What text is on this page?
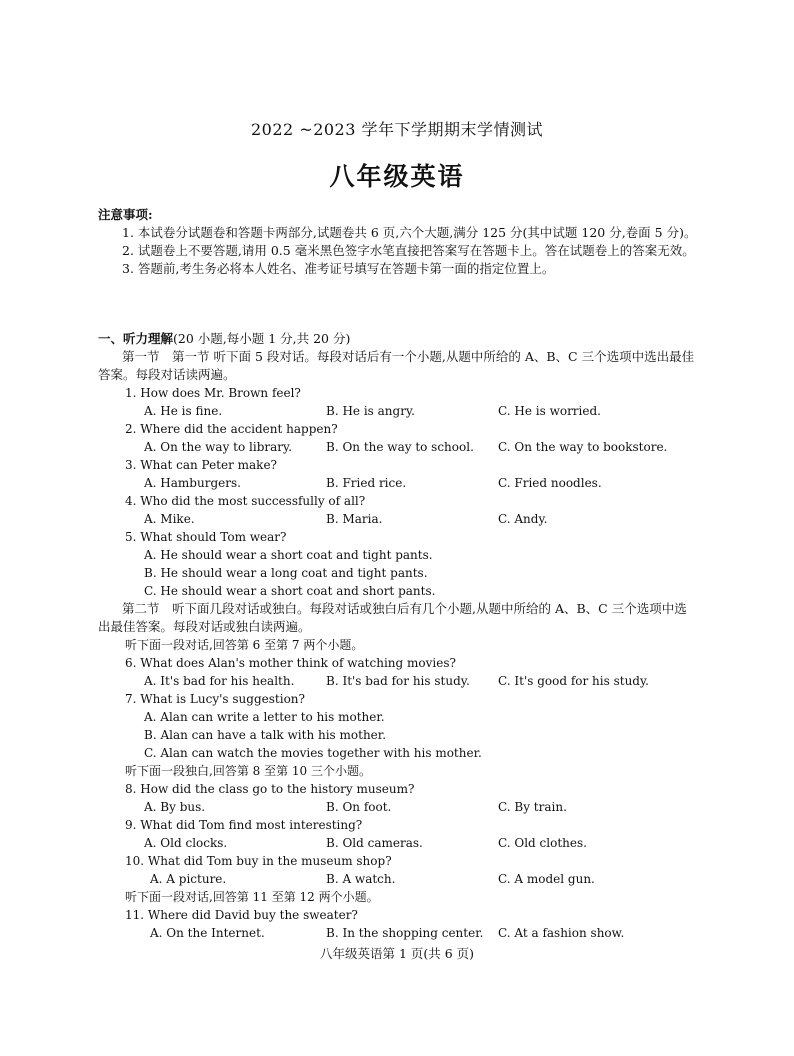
2022 ~2023 学年下学期期末学情测试
八年级英语
注意事项:
1. 本试卷分试题卷和答题卡两部分,试题卷共 6 页,六个大题,满分 125 分(其中试题 120 分,卷面 5 分)。
2. 试题卷上不要答题,请用 0.5 毫米黑色签字水笔直接把答案写在答题卡上。答在试题卷上的答案无效。
3. 答题前,考生务必将本人姓名、准考证号填写在答题卡第一面的指定位置上。
一、听力理解(20 小题,每小题 1 分,共 20 分)
第一节　第一节 听下面 5 段对话。每段对话后有一个小题,从题中所给的 A、B、C 三个选项中选出最佳答案。每段对话读两遍。
1. How does Mr. Brown feel?
A. He is fine.	B. He is angry.	C. He is worried.
2. Where did the accident happen?
A. On the way to library.	B. On the way to school. C. On the way to bookstore.
3. What can Peter make?
A. Hamburgers.	B. Fried rice.	C. Fried noodles.
4. Who did the most successfully of all?
A. Mike.	B. Maria.	C. Andy.
5. What should Tom wear?
A. He should wear a short coat and tight pants.
B. He should wear a long coat and tight pants.
C. He should wear a short coat and short pants.
第二节　听下面几段对话或独白。每段对话或独白后有几个小题,从题中所给的 A、B、C 三个选项中选出最佳答案。每段对话或独白读两遍。
听下面一段对话,回答第 6 至第 7 两个小题。
6. What does Alan's mother think of watching movies?
A. It's bad for his health.	B. It's bad for his study. C. It's good for his study.
7. What is Lucy's suggestion?
A. Alan can write a letter to his mother.
B. Alan can have a talk with his mother.
C. Alan can watch the movies together with his mother.
听下面一段独白,回答第 8 至第 10 三个小题。
8. How did the class go to the history museum?
A. By bus.	B. On foot.	C. By train.
9. What did Tom find most interesting?
A. Old clocks.	B. Old cameras.	C. Old clothes.
10. What did Tom buy in the museum shop?
A. A picture.	B. A watch.	C. A model gun.
听下面一段对话,回答第 11 至第 12 两个小题。
11. Where did David buy the sweater?
A. On the Internet.	B. In the shopping center. C. At a fashion show.
八年级英语第 1 页(共 6 页)
